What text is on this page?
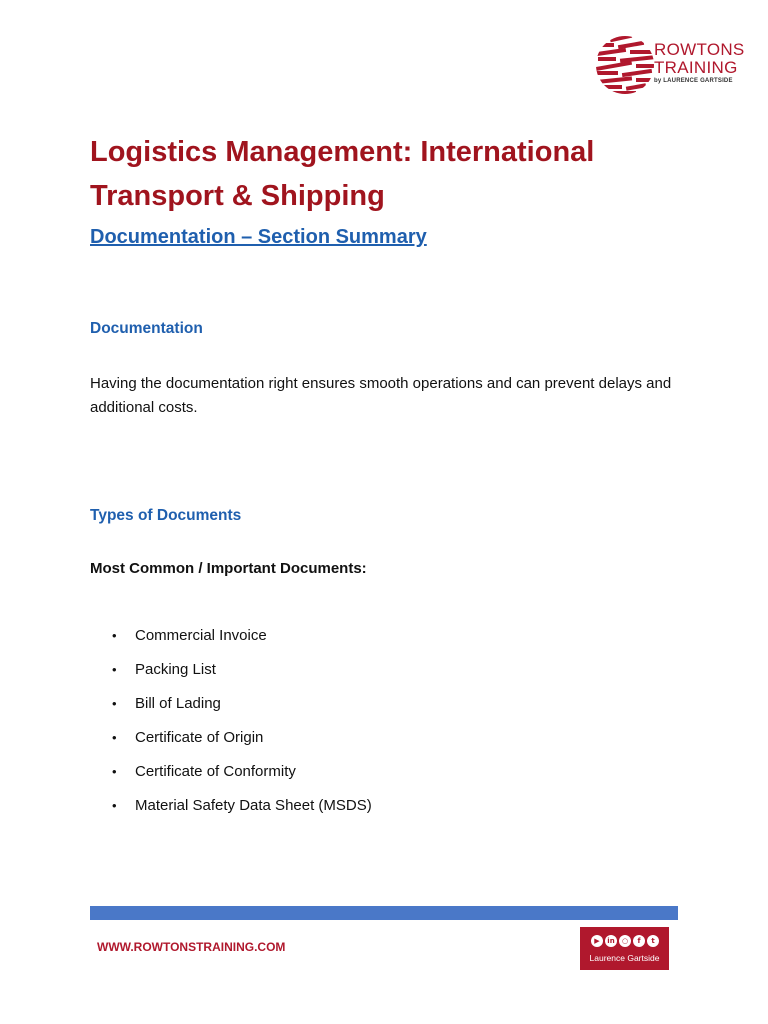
ROWTONS
TRAINING
by LAURENCE GARTSIDE
Logistics Management: International Transport & Shipping
Documentation – Section Summary
Documentation

Having the documentation right ensures smooth operations and can prevent delays and additional costs.

Types of Documents

Most Common / Important Documents:

•	Commercial Invoice
•	Packing List
•	Bill of Lading
•	Certificate of Origin
•	Certificate of Conformity
•	Material Safety Data Sheet (MSDS)
WWW.ROWTONSTRAINING.COM	▶	in	○	f	t
Laurence Gartside
